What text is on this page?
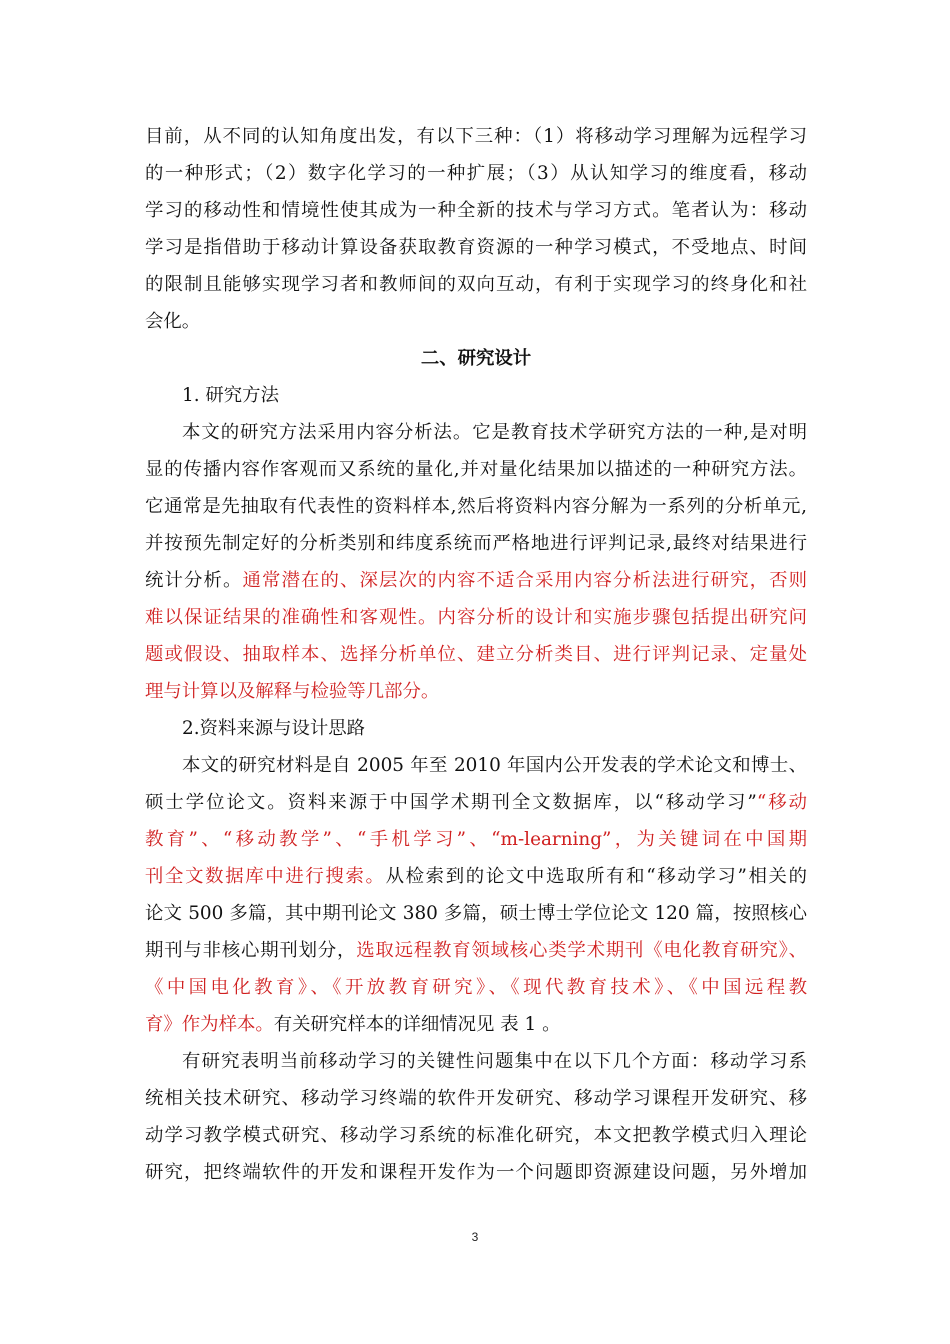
目前，从不同的认知角度出发，有以下三种：（1）将移动学习理解为远程学习
的一种形式；（2）数字化学习的一种扩展；（3）从认知学习的维度看，移动
学习的移动性和情境性使其成为一种全新的技术与学习方式。笔者认为：移动
学习是指借助于移动计算设备获取教育资源的一种学习模式，不受地点、时间
的限制且能够实现学习者和教师间的双向互动，有利于实现学习的终身化和社
会化。
二、研究设计
1. 研究方法
本文的研究方法采用内容分析法。它是教育技术学研究方法的一种,是对明
显的传播内容作客观而又系统的量化,并对量化结果加以描述的一种研究方法。
它通常是先抽取有代表性的资料样本,然后将资料内容分解为一系列的分析单元,
并按预先制定好的分析类别和纬度系统而严格地进行评判记录,最终对结果进行
统计分析。通常潜在的、深层次的内容不适合采用内容分析法进行研究，否则
难以保证结果的准确性和客观性。内容分析的设计和实施步骤包括提出研究问
题或假设、抽取样本、选择分析单位、建立分析类目、进行评判记录、定量处
理与计算以及解释与检验等几部分。
2.资料来源与设计思路
本文的研究材料是自 2005 年至 2010 年国内公开发表的学术论文和博士、
硕士学位论文。资料来源于中国学术期刊全文数据库，以“移动学习”“移动
教育”、“移动教学”、“手机学习”、“m-learning”，为关键词在中国期
刊全文数据库中进行搜索。从检索到的论文中选取所有和“移动学习”相关的
论文 500 多篇，其中期刊论文 380 多篇，硕士博士学位论文 120 篇，按照核心
期刊与非核心期刊划分，选取远程教育领域核心类学术期刊《电化教育研究》、
《中国电化教育》、《开放教育研究》、《现代教育技术》、《中国远程教
育》作为样本。有关研究样本的详细情况见 表 1 。
有研究表明当前移动学习的关键性问题集中在以下几个方面：移动学习系
统相关技术研究、移动学习终端的软件开发研究、移动学习课程开发研究、移
动学习教学模式研究、移动学习系统的标准化研究，本文把教学模式归入理论
研究，把终端软件的开发和课程开发作为一个问题即资源建设问题，另外增加
3
